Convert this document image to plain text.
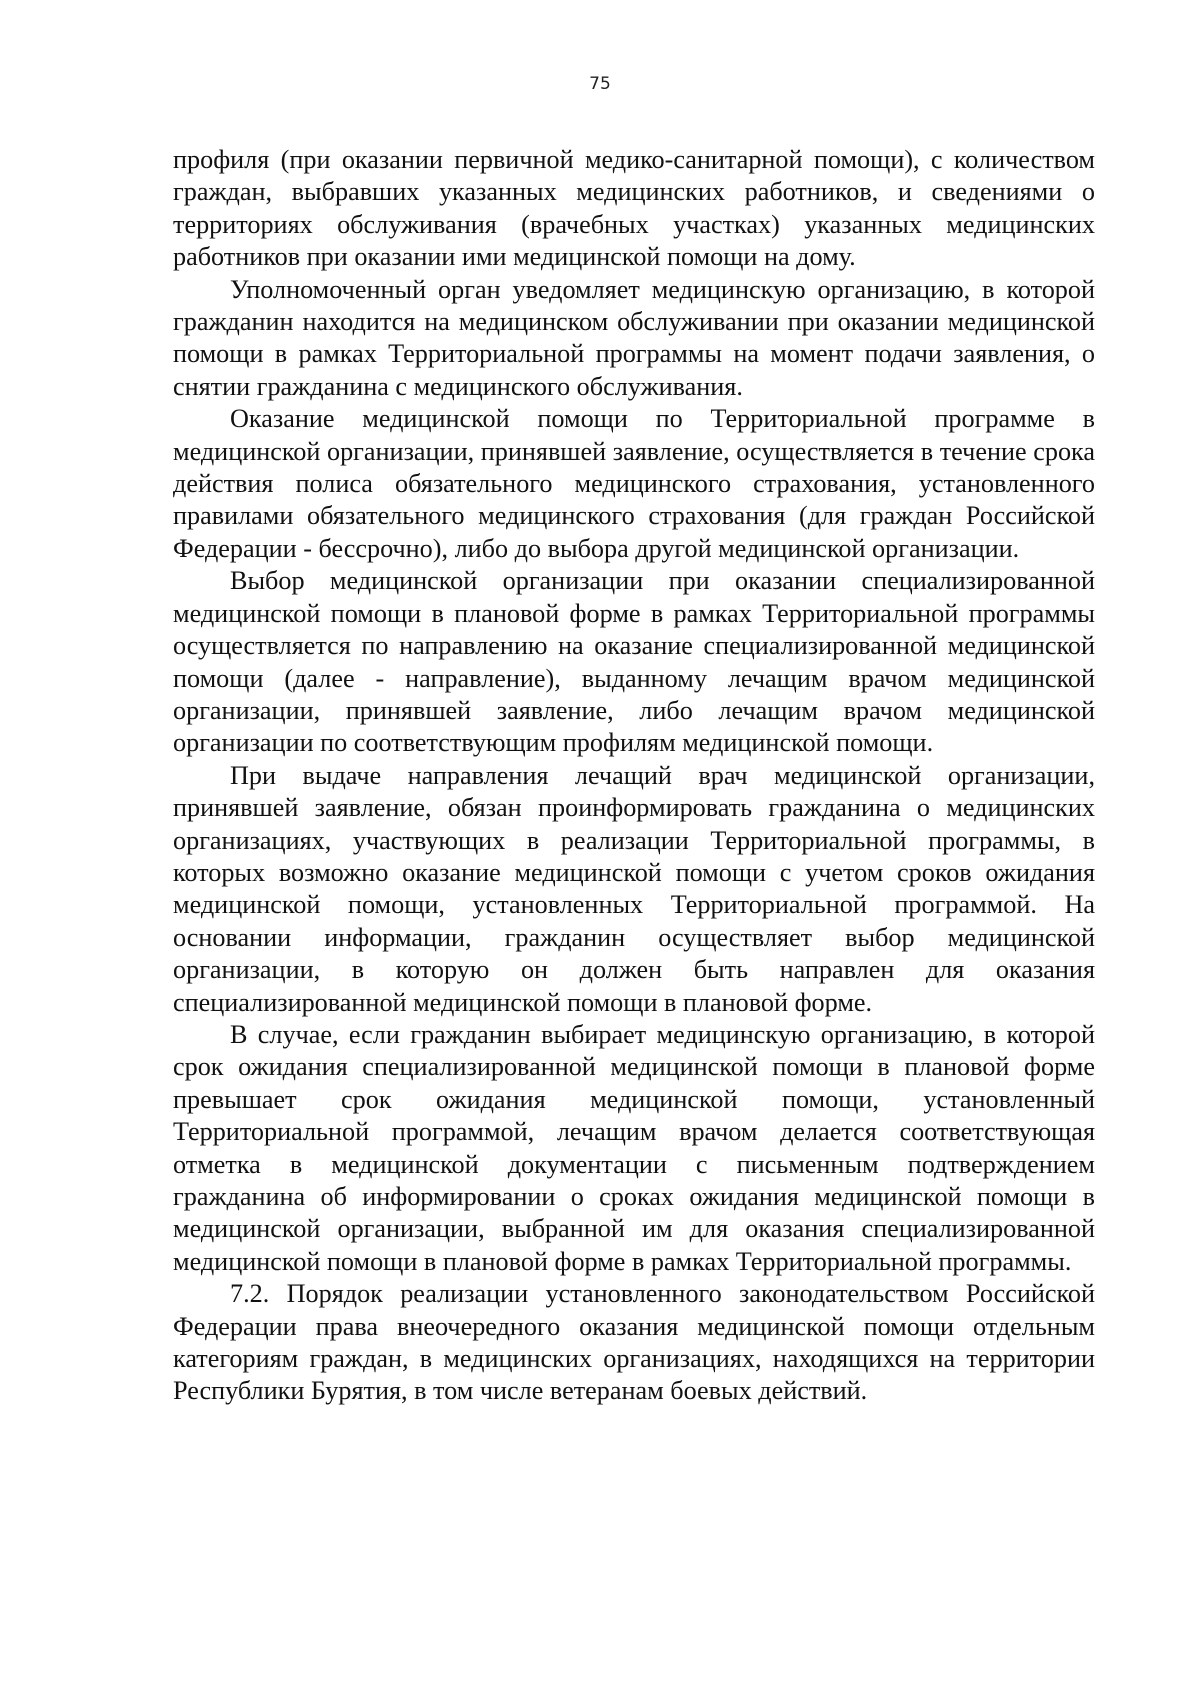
75

профиля (при оказании первичной медико-санитарной помощи), с количеством граждан, выбравших указанных медицинских работников, и сведениями о территориях обслуживания (врачебных участках) указанных медицинских работников при оказании ими медицинской помощи на дому.

Уполномоченный орган уведомляет медицинскую организацию, в которой гражданин находится на медицинском обслуживании при оказании медицинской помощи в рамках Территориальной программы на момент подачи заявления, о снятии гражданина с медицинского обслуживания.

Оказание медицинской помощи по Территориальной программе в медицинской организации, принявшей заявление, осуществляется в течение срока действия полиса обязательного медицинского страхования, установленного правилами обязательного медицинского страхования (для граждан Российской Федерации - бессрочно), либо до выбора другой медицинской организации.

Выбор медицинской организации при оказании специализированной медицинской помощи в плановой форме в рамках Территориальной программы осуществляется по направлению на оказание специализированной медицинской помощи (далее - направление), выданному лечащим врачом медицинской организации, принявшей заявление, либо лечащим врачом медицинской организации по соответствующим профилям медицинской помощи.

При выдаче направления лечащий врач медицинской организации, принявшей заявление, обязан проинформировать гражданина о медицинских организациях, участвующих в реализации Территориальной программы, в которых возможно оказание медицинской помощи с учетом сроков ожидания медицинской помощи, установленных Территориальной программой. На основании информации, гражданин осуществляет выбор медицинской организации, в которую он должен быть направлен для оказания специализированной медицинской помощи в плановой форме.

В случае, если гражданин выбирает медицинскую организацию, в которой срок ожидания специализированной медицинской помощи в плановой форме превышает срок ожидания медицинской помощи, установленный Территориальной программой, лечащим врачом делается соответствующая отметка в медицинской документации с письменным подтверждением гражданина об информировании о сроках ожидания медицинской помощи в медицинской организации, выбранной им для оказания специализированной медицинской помощи в плановой форме в рамках Территориальной программы.

7.2. Порядок реализации установленного законодательством Российской Федерации права внеочередного оказания медицинской помощи отдельным категориям граждан, в медицинских организациях, находящихся на территории Республики Бурятия, в том числе ветеранам боевых действий.
